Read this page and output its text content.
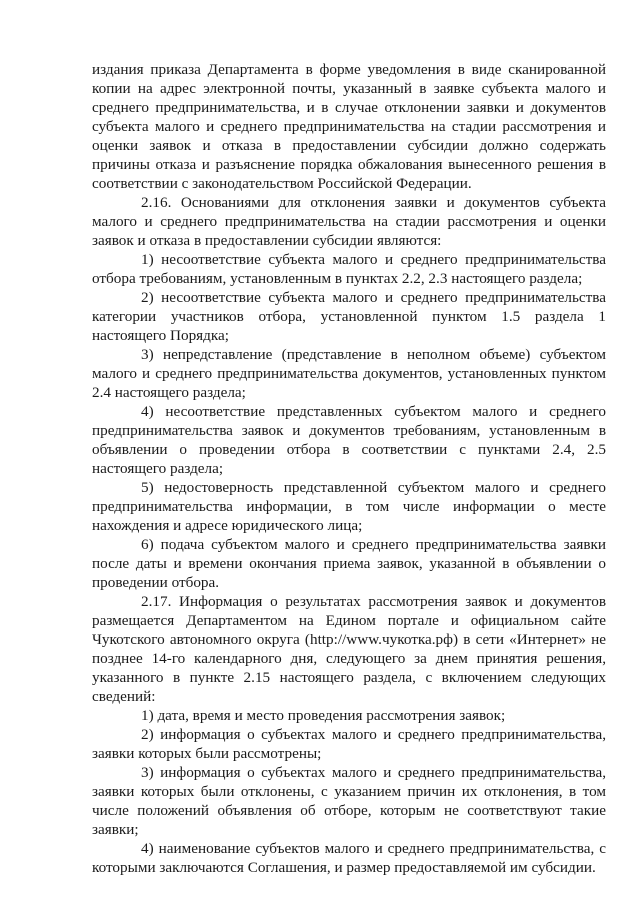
издания приказа Департамента в форме уведомления в виде сканированной копии на адрес электронной почты, указанный в заявке субъекта малого и среднего предпринимательства, и в случае отклонении заявки и документов субъекта малого и среднего предпринимательства на стадии рассмотрения и оценки заявок и отказа в предоставлении субсидии должно содержать причины отказа и разъяснение порядка обжалования вынесенного решения в соответствии с законодательством Российской Федерации.

2.16. Основаниями для отклонения заявки и документов субъекта малого и среднего предпринимательства на стадии рассмотрения и оценки заявок и отказа в предоставлении субсидии являются:

1) несоответствие субъекта малого и среднего предпринимательства отбора требованиям, установленным в пунктах 2.2, 2.3 настоящего раздела;

2) несоответствие субъекта малого и среднего предпринимательства категории участников отбора, установленной пунктом 1.5 раздела 1 настоящего Порядка;

3) непредставление (представление в неполном объеме) субъектом малого и среднего предпринимательства документов, установленных пунктом 2.4 настоящего раздела;

4) несоответствие представленных субъектом малого и среднего предпринимательства заявок и документов требованиям, установленным в объявлении о проведении отбора в соответствии с пунктами 2.4, 2.5 настоящего раздела;

5) недостоверность представленной субъектом малого и среднего предпринимательства информации, в том числе информации о месте нахождения и адресе юридического лица;

6) подача субъектом малого и среднего предпринимательства заявки после даты и времени окончания приема заявок, указанной в объявлении о проведении отбора.

2.17. Информация о результатах рассмотрения заявок и документов размещается Департаментом на Едином портале и официальном сайте Чукотского автономного округа (http://www.чукотка.рф) в сети «Интернет» не позднее 14-го календарного дня, следующего за днем принятия решения, указанного в пункте 2.15 настоящего раздела, с включением следующих сведений:

1) дата, время и место проведения рассмотрения заявок;

2) информация о субъектах малого и среднего предпринимательства, заявки которых были рассмотрены;

3) информация о субъектах малого и среднего предпринимательства, заявки которых были отклонены, с указанием причин их отклонения, в том числе положений объявления об отборе, которым не соответствуют такие заявки;

4) наименование субъектов малого и среднего предпринимательства, с которыми заключаются Соглашения, и размер предоставляемой им субсидии.
